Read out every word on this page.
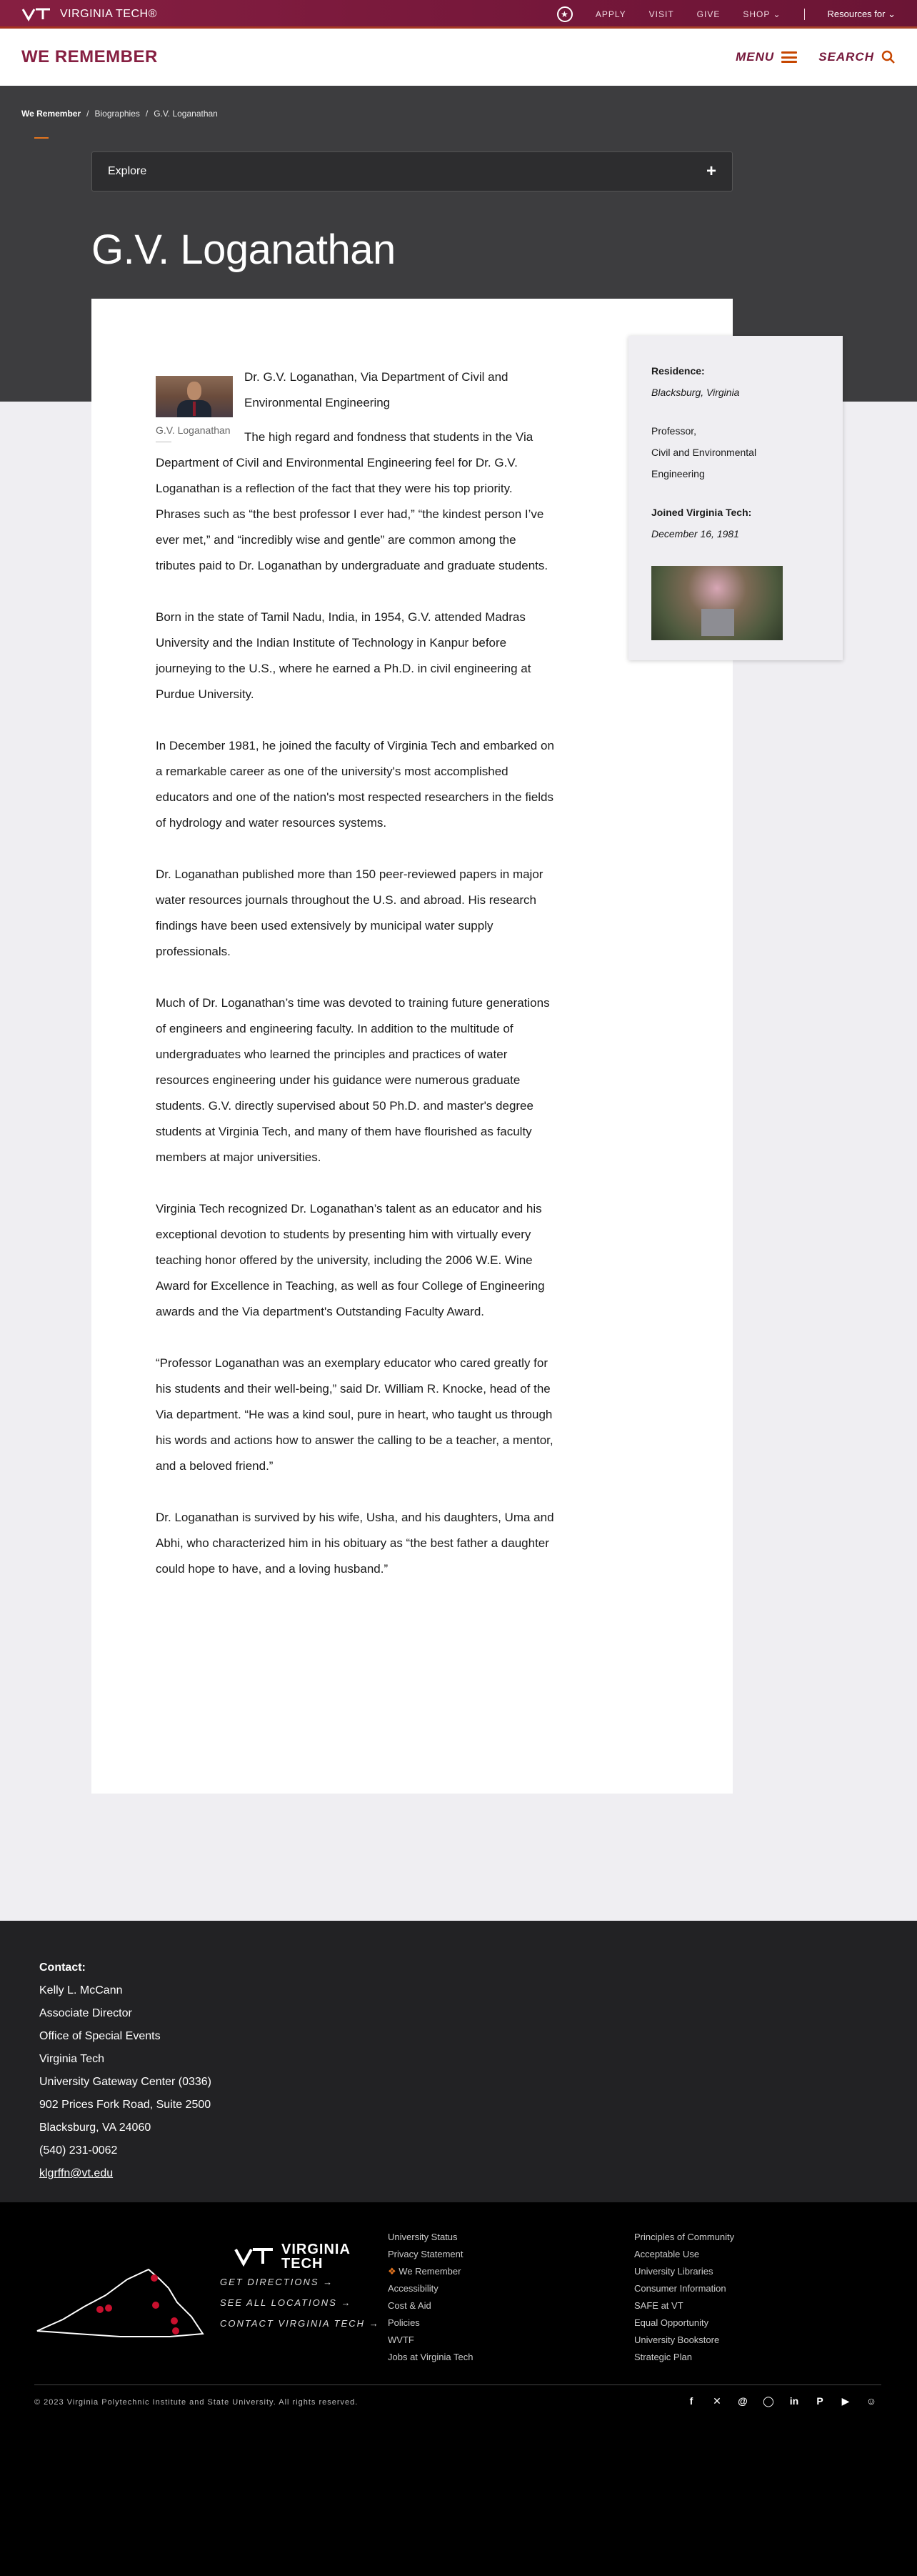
VIRGINIA TECH®	★	APPLY	VISIT	GIVE	SHOP ⌄	Resources for ⌄
WE REMEMBER	MENU	SEARCH
We Remember / Biographies / G.V. Loganathan
Explore	+
G.V. Loganathan
G.V. Loganathan

Dr. G.V. Loganathan, Via Department of Civil and Environmental Engineering

The high regard and fondness that students in the Via Department of Civil and Environmental Engineering feel for Dr. G.V. Loganathan is a reflection of the fact that they were his top priority. Phrases such as “the best professor I ever had,” “the kindest person I’ve ever met,” and “incredibly wise and gentle” are common among the tributes paid to Dr. Loganathan by undergraduate and graduate students.

Born in the state of Tamil Nadu, India, in 1954, G.V. attended Madras University and the Indian Institute of Technology in Kanpur before journeying to the U.S., where he earned a Ph.D. in civil engineering at Purdue University.

In December 1981, he joined the faculty of Virginia Tech and embarked on a remarkable career as one of the university's most accomplished educators and one of the nation's most respected researchers in the fields of hydrology and water resources systems.

Dr. Loganathan published more than 150 peer-reviewed papers in major water resources journals throughout the U.S. and abroad. His research findings have been used extensively by municipal water supply professionals.

Much of Dr. Loganathan’s time was devoted to training future generations of engineers and engineering faculty. In addition to the multitude of undergraduates who learned the principles and practices of water resources engineering under his guidance were numerous graduate students. G.V. directly supervised about 50 Ph.D. and master's degree students at Virginia Tech, and many of them have flourished as faculty members at major universities.

Virginia Tech recognized Dr. Loganathan’s talent as an educator and his exceptional devotion to students by presenting him with virtually every teaching honor offered by the university, including the 2006 W.E. Wine Award for Excellence in Teaching, as well as four College of Engineering awards and the Via department's Outstanding Faculty Award.

“Professor Loganathan was an exemplary educator who cared greatly for his students and their well-being,” said Dr. William R. Knocke, head of the Via department. “He was a kind soul, pure in heart, who taught us through his words and actions how to answer the calling to be a teacher, a mentor, and a beloved friend.”

Dr. Loganathan is survived by his wife, Usha, and his daughters, Uma and Abhi, who characterized him in his obituary as “the best father a daughter could hope to have, and a loving husband.”

Residence:
Blacksburg, Virginia
Professor,
Civil and Environmental
Engineering
Joined Virginia Tech:
December 16, 1981
Contact:
Kelly L. McCann
Associate Director
Office of Special Events
Virginia Tech
University Gateway Center (0336)
902 Prices Fork Road, Suite 2500
Blacksburg, VA 24060
(540) 231-0062
klgrffn@vt.edu
VIRGINIA
TECH
GET DIRECTIONS →
SEE ALL LOCATIONS →
CONTACT VIRGINIA TECH →
University Status
Privacy Statement
❖ We Remember
Accessibility
Cost & Aid
Policies
WVTF
Jobs at Virginia Tech
Principles of Community
Acceptable Use
University Libraries
Consumer Information
SAFE at VT
Equal Opportunity
University Bookstore
Strategic Plan
© 2023 Virginia Polytechnic Institute and State University. All rights reserved.	f	✕	@	◯	in	P	▶	☺
